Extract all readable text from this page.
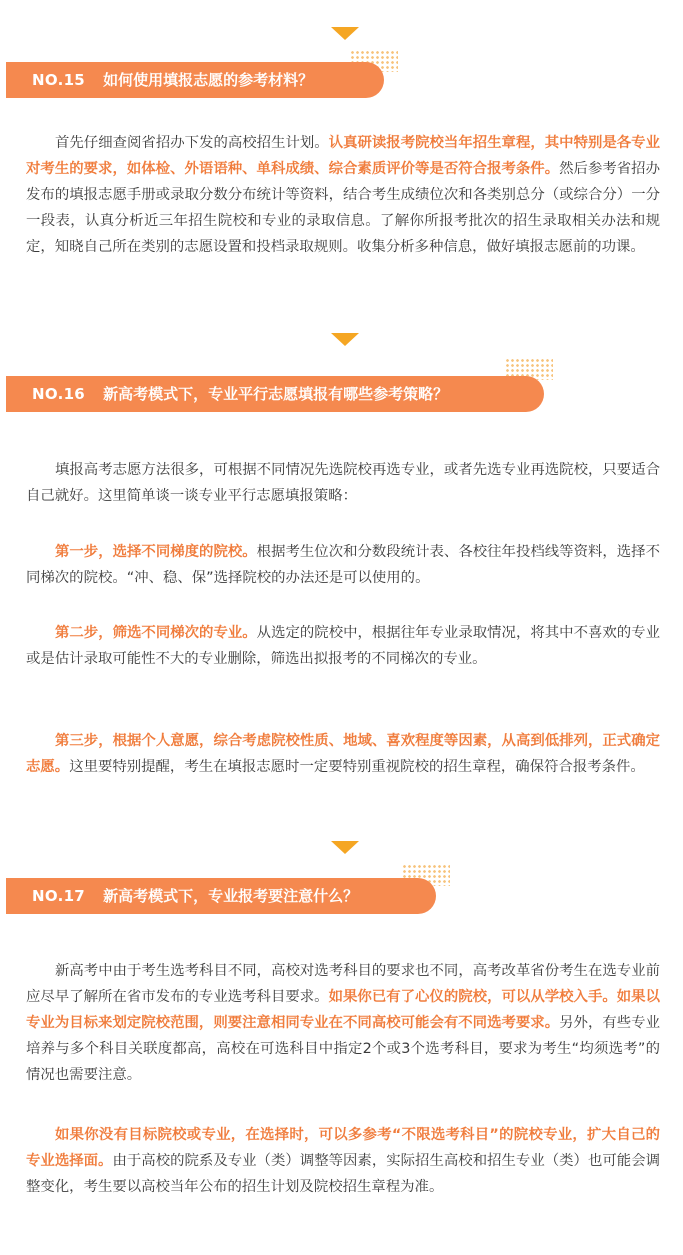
NO.15 如何使用填报志愿的参考材料？

首先仔细查阅省招办下发的高校招生计划。认真研读报考院校当年招生章程，其中特别是各专业对考生的要求，如体检、外语语种、单科成绩、综合素质评价等是否符合报考条件。然后参考省招办发布的填报志愿手册或录取分数分布统计等资料，结合考生成绩位次和各类别总分（或综合分）一分一段表，认真分析近三年招生院校和专业的录取信息。了解你所报考批次的招生录取相关办法和规定，知晓自己所在类别的志愿设置和投档录取规则。收集分析多种信息，做好填报志愿前的功课。

NO.16 新高考模式下，专业平行志愿填报有哪些参考策略？

填报高考志愿方法很多，可根据不同情况先选院校再选专业，或者先选专业再选院校，只要适合自己就好。这里简单谈一谈专业平行志愿填报策略：

第一步，选择不同梯度的院校。根据考生位次和分数段统计表、各校往年投档线等资料，选择不同梯次的院校。“冲、稳、保”选择院校的办法还是可以使用的。

第二步，筛选不同梯次的专业。从选定的院校中，根据往年专业录取情况，将其中不喜欢的专业或是估计录取可能性不大的专业删除，筛选出拟报考的不同梯次的专业。

第三步，根据个人意愿，综合考虑院校性质、地域、喜欢程度等因素，从高到低排列，正式确定志愿。这里要特别提醒，考生在填报志愿时一定要特别重视院校的招生章程，确保符合报考条件。

NO.17 新高考模式下，专业报考要注意什么？

新高考中由于考生选考科目不同，高校对选考科目的要求也不同，高考改革省份考生在选专业前应尽早了解所在省市发布的专业选考科目要求。如果你已有了心仪的院校，可以从学校入手。如果以专业为目标来划定院校范围，则要注意相同专业在不同高校可能会有不同选考要求。另外，有些专业培养与多个科目关联度都高，高校在可选科目中指定2个或3个选考科目，要求为考生“均须选考”的情况也需要注意。

如果你没有目标院校或专业，在选择时，可以多参考“不限选考科目”的院校专业，扩大自己的专业选择面。由于高校的院系及专业（类）调整等因素，实际招生高校和招生专业（类）也可能会调整变化，考生要以高校当年公布的招生计划及院校招生章程为准。
